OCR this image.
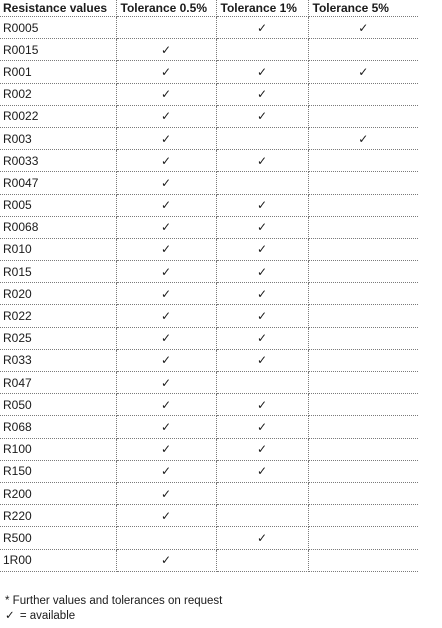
Resistance values	Tolerance 0.5%	Tolerance 1%	Tolerance 5%
R0005		✓	✓
R0015	✓		
R001	✓	✓	✓
R002	✓	✓	
R0022	✓	✓	
R003	✓		✓
R0033	✓	✓	
R0047	✓		
R005	✓	✓	
R0068	✓	✓	
R010	✓	✓	
R015	✓	✓	
R020	✓	✓	
R022	✓	✓	
R025	✓	✓	
R033	✓	✓	
R047	✓		
R050	✓	✓	
R068	✓	✓	
R100	✓	✓	
R150	✓	✓	
R200	✓		
R220	✓		
R500		✓	
1R00	✓		
* Further values and tolerances on request
✓ = available
